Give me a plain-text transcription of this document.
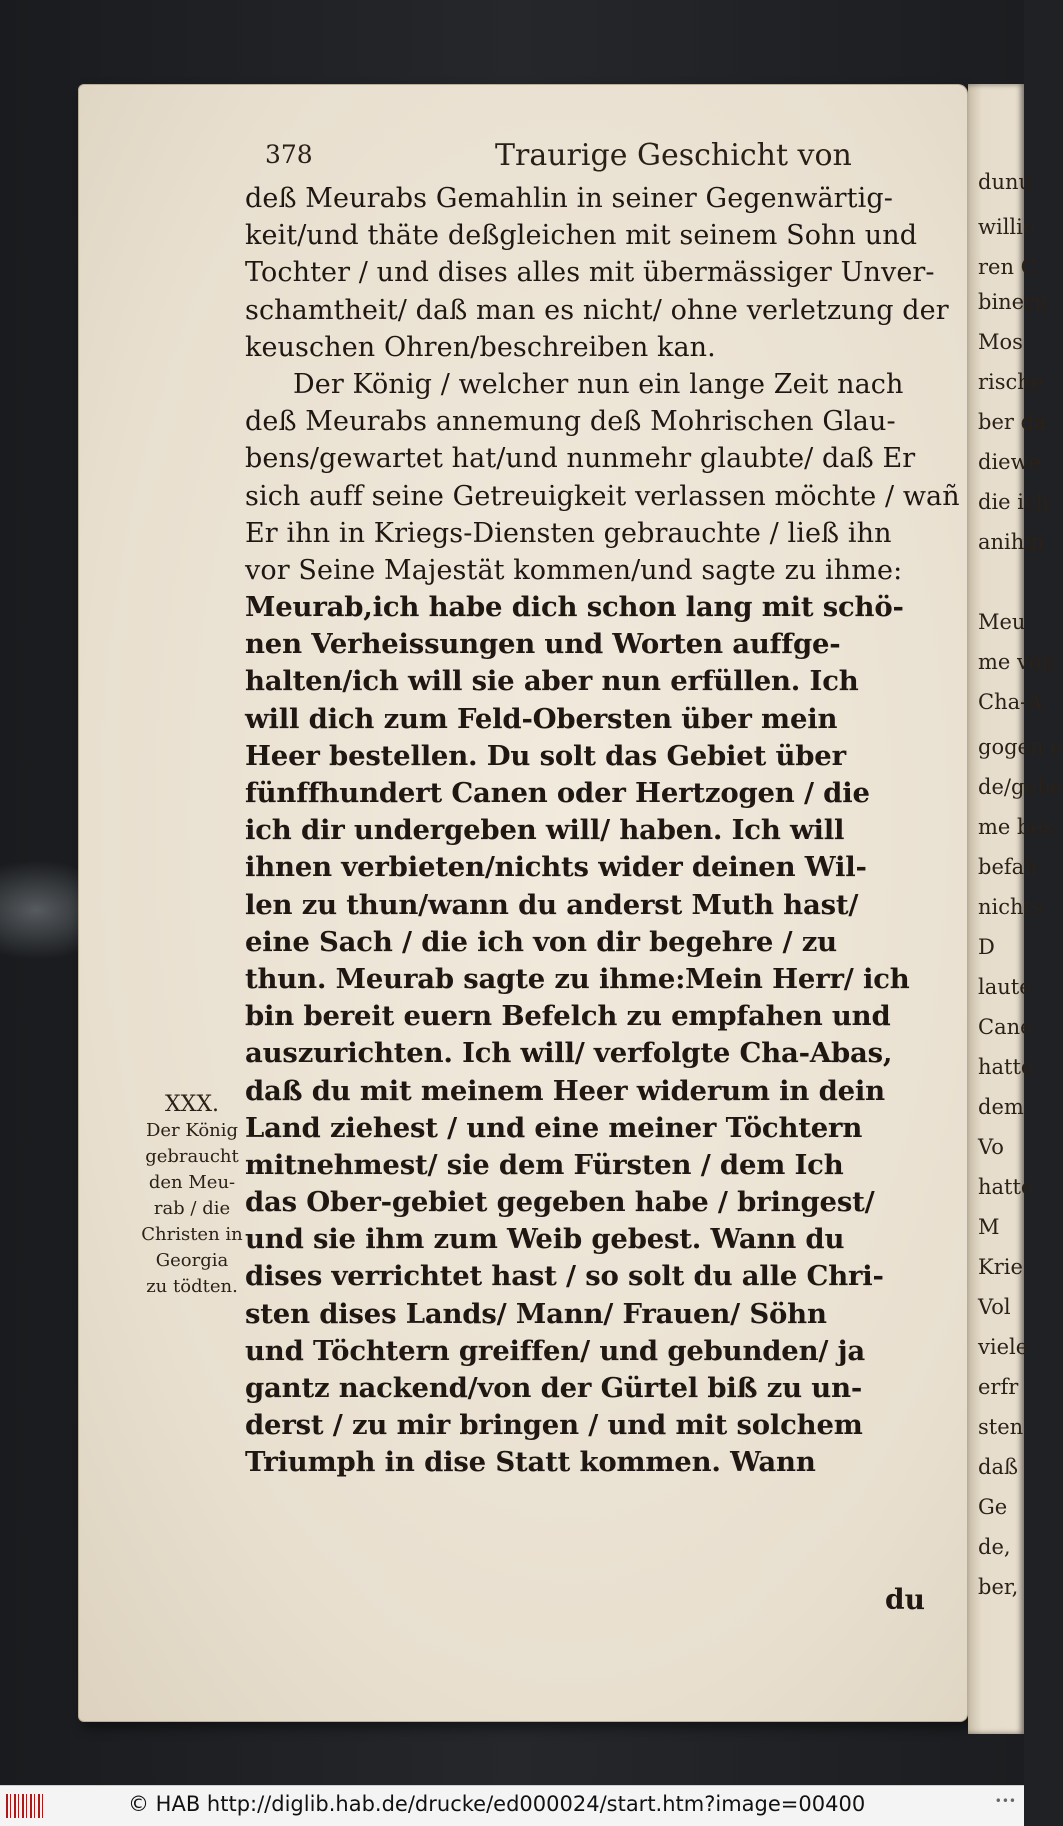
dunu
willic
ren C
binern
Mos
rische
ber da
diewe
die ich
anihm
Meu
me von
Cha-A
gogen e
de/gebe
me bes
befah
nichts
D
laute
Cane
hatte
dem
Vo
hatte
M
Krie
Vol
viele
erfr
sten
daß
Ge
de,
ber,
378	Traurige Geschicht von
deß Meurabs Gemahlin in seiner Gegenwärtig-
keit/und thäte deßgleichen mit seinem Sohn und
Tochter / und dises alles mit übermässiger Unver-
schamtheit/ daß man es nicht/ ohne verletzung der
keuschen Ohren/beschreiben kan.
Der König / welcher nun ein lange Zeit nach
deß Meurabs annemung deß Mohrischen Glau-
bens/gewartet hat/und nunmehr glaubte/ daß Er
sich auff seine Getreuigkeit verlassen möchte / wañ
Er ihn in Kriegs-Diensten gebrauchte / ließ ihn
vor Seine Majestät kommen/und sagte zu ihme:
Meurab,ich habe dich schon lang mit schö-
nen Verheissungen und Worten auffge-
halten/ich will sie aber nun erfüllen. Ich
will dich zum Feld-Obersten über mein
Heer bestellen. Du solt das Gebiet über
fünffhundert Canen oder Hertzogen / die
ich dir undergeben will/ haben. Ich will
ihnen verbieten/nichts wider deinen Wil-
len zu thun/wann du anderst Muth hast/
eine Sach / die ich von dir begehre / zu
thun. Meurab sagte zu ihme:Mein Herr/ ich
bin bereit euern Befelch zu empfahen und
auszurichten. Ich will/ verfolgte Cha-Abas,
daß du mit meinem Heer widerum in dein
Land ziehest / und eine meiner Töchtern
mitnehmest/ sie dem Fürsten / dem Ich
das Ober-gebiet gegeben habe / bringest/
und sie ihm zum Weib gebest. Wann du
dises verrichtet hast / so solt du alle Chri-
sten dises Lands/ Mann/ Frauen/ Söhn
und Töchtern greiffen/ und gebunden/ ja
gantz nackend/von der Gürtel biß zu un-
derst / zu mir bringen / und mit solchem
Triumph in dise Statt kommen. Wann
XXX.
Der König
gebraucht
den Meu-
rab / die
Christen in
Georgia
zu tödten.
du
© HAB http://diglib.hab.de/drucke/ed000024/start.htm?image=00400	•••
